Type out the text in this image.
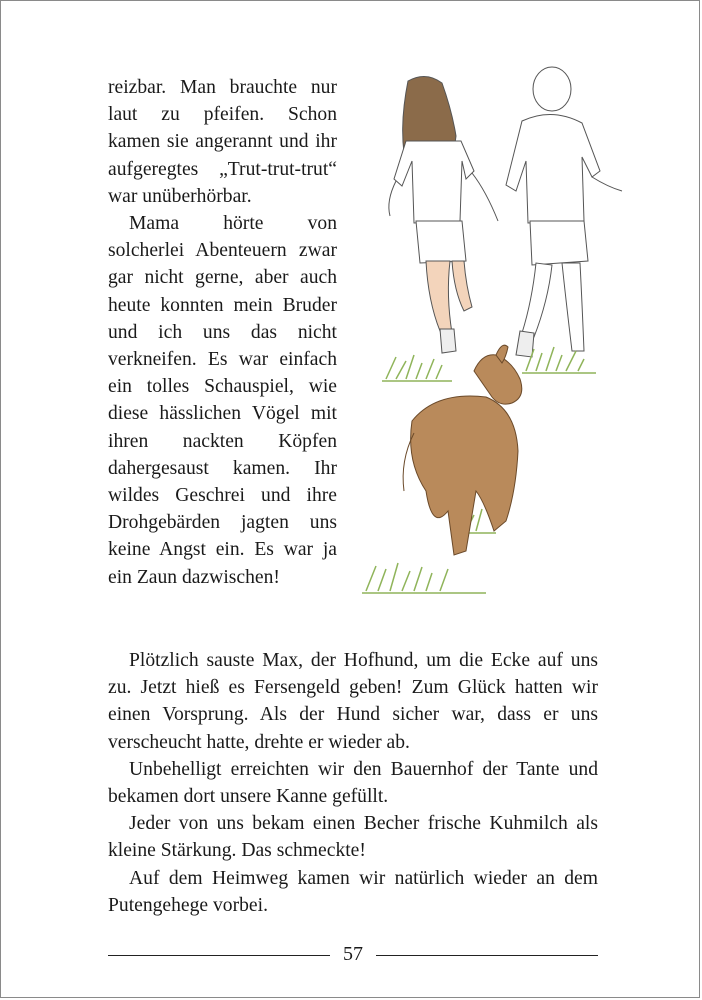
reizbar. Man brauchte nur laut zu pfeifen. Schon kamen sie angerannt und ihr aufgeregtes „Trut-trut-trut“ war unüberhörbar.

Mama hörte von solcherlei Abenteuern zwar gar nicht gerne, aber auch heute konnten mein Bruder und ich uns das nicht verkneifen. Es war einfach ein tolles Schauspiel, wie diese hässlichen Vögel mit ihren nackten Köpfen dahergesaust kamen. Ihr wildes Geschrei und ihre Drohgebärden jagten uns keine Angst ein. Es war ja ein Zaun dazwischen!

Plötzlich sauste Max, der Hofhund, um die Ecke auf uns zu. Jetzt hieß es Fersengeld geben! Zum Glück hatten wir einen Vorsprung. Als der Hund sicher war, dass er uns verscheucht hatte, drehte er wieder ab.

Unbehelligt erreichten wir den Bauernhof der Tante und bekamen dort unsere Kanne gefüllt.

Jeder von uns bekam einen Becher frische Kuhmilch als kleine Stärkung. Das schmeckte!

Auf dem Heimweg kamen wir natürlich wieder an dem Putengehege vorbei.

57
